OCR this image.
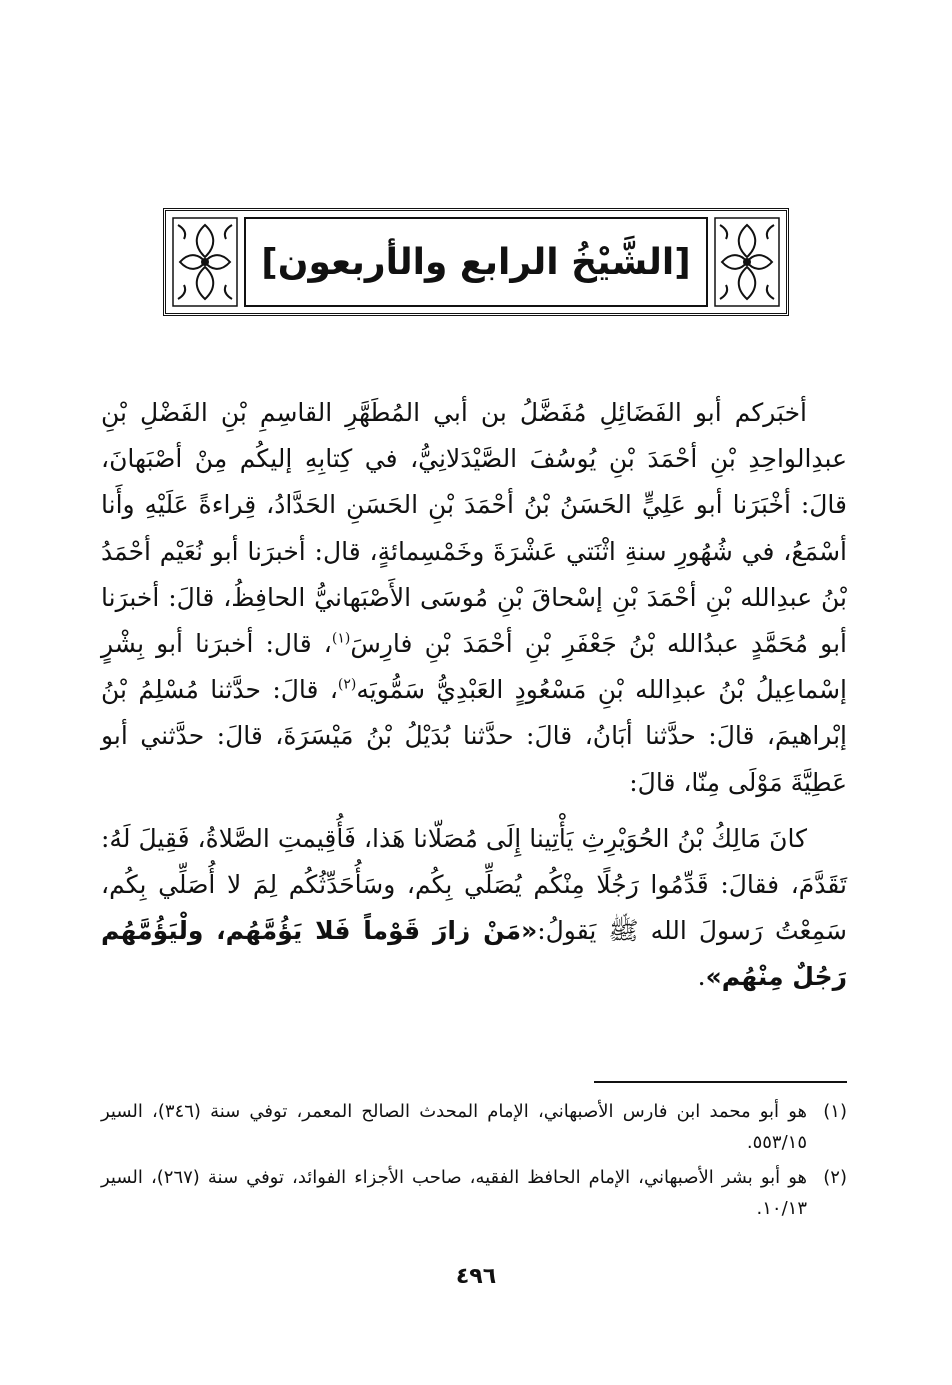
[الشَّيْخُ الرابع والأربعون]

أخبَركم أبو الفَضَائِلِ مُفَضَّلُ بن أبي المُطَهَّرِ القاسِمِ بْنِ الفَضْلِ بْنِ عبدِالواحِدِ بْنِ أحْمَدَ بْنِ يُوسُفَ الصَّيْدَلانِيُّ، في كِتابِهِ إليكُم مِنْ أصْبَهانَ، قالَ: أخْبَرَنا أبو عَلِيٍّ الحَسَنُ بْنُ أحْمَدَ بْنِ الحَسَنِ الحَدَّادُ، قِراءةً عَلَيْهِ وأَنا أسْمَعُ، في شُهُورِ سنةِ اثْنَتي عَشْرَةَ وخَمْسِمائةٍ، قال: أخبرَنا أبو نُعَيْم أحْمَدُ بْنُ عبدِالله بْنِ أحْمَدَ بْنِ إسْحاقَ بْنِ مُوسَى الأَصْبَهانيُّ الحافِظُ، قالَ: أخبرَنا أبو مُحَمَّدٍ عبدُالله بْنُ جَعْفَرِ بْنِ أحْمَدَ بْنِ فارِسَ$^{(١)}$، قال: أخبرَنا أبو بِشْرٍ إسْماعِيلُ بْنُ عبدِالله بْنِ مَسْعُودٍ العَبْدِيُّ سَمُّويَه$^{(٢)}$، قالَ: حدَّثنا مُسْلِمُ بْنُ إبْراهيمَ، قالَ: حدَّثنا أبَانُ، قالَ: حدَّثنا بُدَيْلُ بْنُ مَيْسَرَةَ، قالَ: حدَّثني أبو عَطِيَّةَ مَوْلَى مِنّا، قالَ:

كانَ مَالِكُ بْنُ الحُوَيْرِثِ يَأْتِينا إِلَى مُصَلّانا هَذا، فَأُقِيمتِ الصَّلاةُ، فَقِيلَ لَهُ: تَقَدَّمَ، فقالَ: قَدِّمُوا رَجُلًا مِنْكُم يُصَلِّي بِكُم، وسَأُحَدِّثُكُم لِمَ لا أُصَلِّي بِكُم، سَمِعْتُ رَسولَ الله ﷺ يَقولُ:«مَنْ زارَ قَوْماً فَلا يَؤُمَّهُم، ولْيَؤُمَّهُم رَجُلٌ مِنْهُم».

(١)
هو أبو محمد ابن فارس الأصبهاني، الإمام المحدث الصالح المعمر، توفي سنة (٣٤٦)، السير ٥٥٣/١٥.
(٢)
هو أبو بشر الأصبهاني، الإمام الحافظ الفقيه، صاحب الأجزاء الفوائد، توفي سنة (٢٦٧)، السير ١٠/١٣.
٤٩٦
